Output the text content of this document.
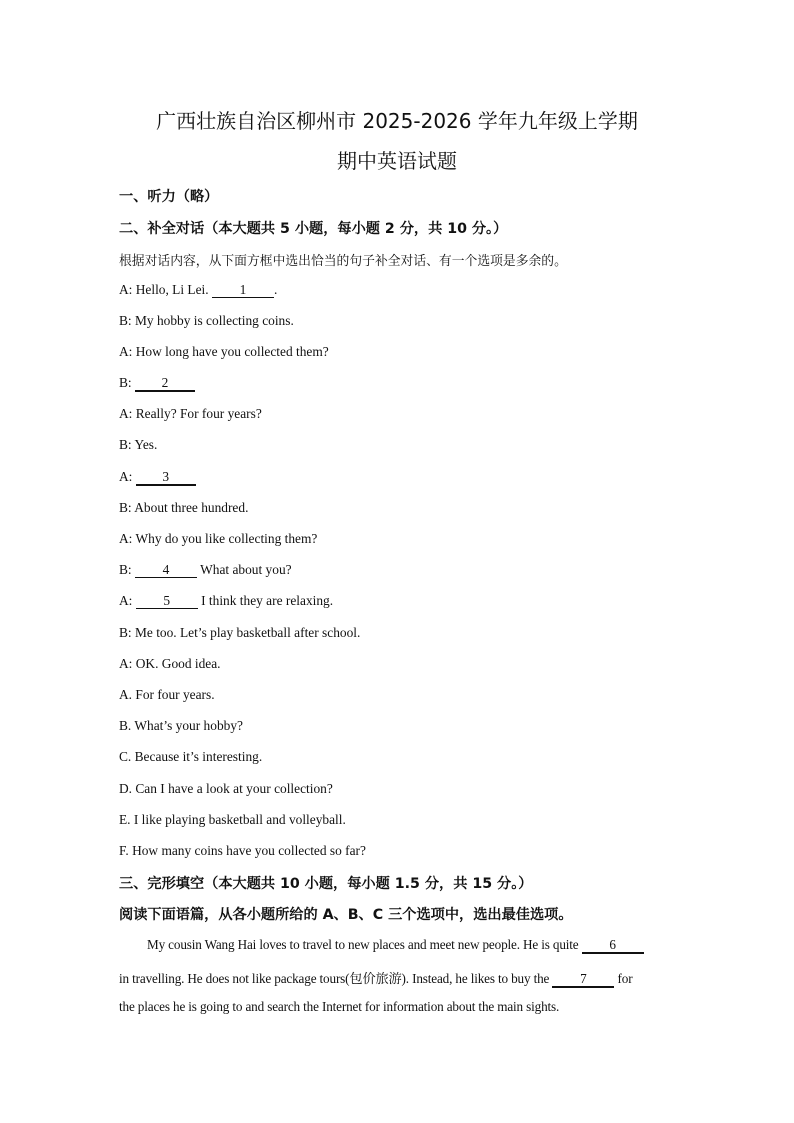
广西壮族自治区柳州市 2025-2026 学年九年级上学期
期中英语试题
一、听力（略）
二、补全对话（本大题共 5 小题，每小题 2 分，共 10 分。）
根据对话内容，从下面方框中选出恰当的句子补全对话、有一个选项是多余的。
A: Hello, Li Lei. 1 .
B: My hobby is collecting coins.
A: How long have you collected them?
B: 2
A: Really? For four years?
B: Yes.
A: 3
B: About three hundred.
A: Why do you like collecting them?
B: 4 What about you?
A: 5 I think they are relaxing.
B: Me too. Let’s play basketball after school.
A: OK. Good idea.
A. For four years.
B. What’s your hobby?
C. Because it’s interesting.
D. Can I have a look at your collection?
E. I like playing basketball and volleyball.
F. How many coins have you collected so far?
三、完形填空（本大题共 10 小题，每小题 1.5 分，共 15 分。）
阅读下面语篇，从各小题所给的 A、B、C 三个选项中，选出最佳选项。
My cousin Wang Hai loves to travel to new places and meet new people. He is quite 6
in travelling. He does not like package tours(包价旅游). Instead, he likes to buy the 7 for
the places he is going to and search the Internet for information about the main sights.
